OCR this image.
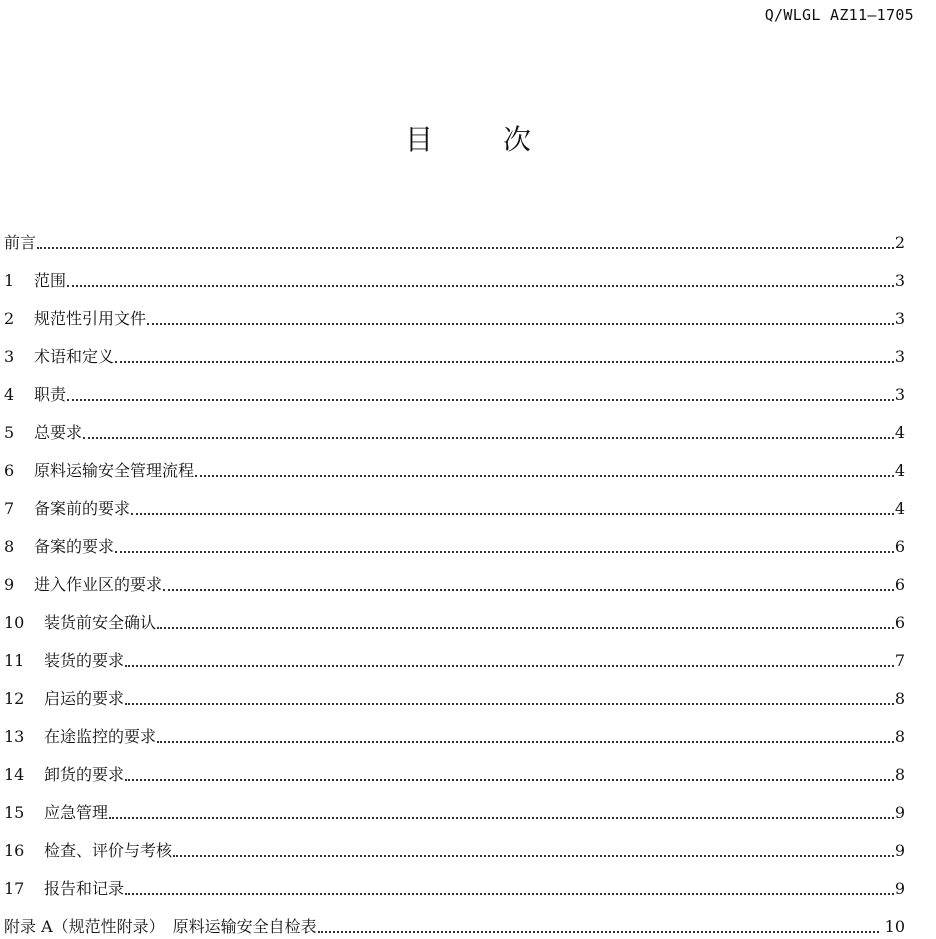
Q/WLGL AZ11—1705
目	次
前言	2
1	范围	3
2	规范性引用文件	3
3	术语和定义	3
4	职责	3
5	总要求	4
6	原料运输安全管理流程	4
7	备案前的要求	4
8	备案的要求	6
9	进入作业区的要求	6
10	装货前安全确认	6
11	装货的要求	7
12	启运的要求	8
13	在途监控的要求	8
14	卸货的要求	8
15	应急管理	9
16	检查、评价与考核	9
17	报告和记录	9
附录 A（规范性附录）　原料运输安全自检表	10
